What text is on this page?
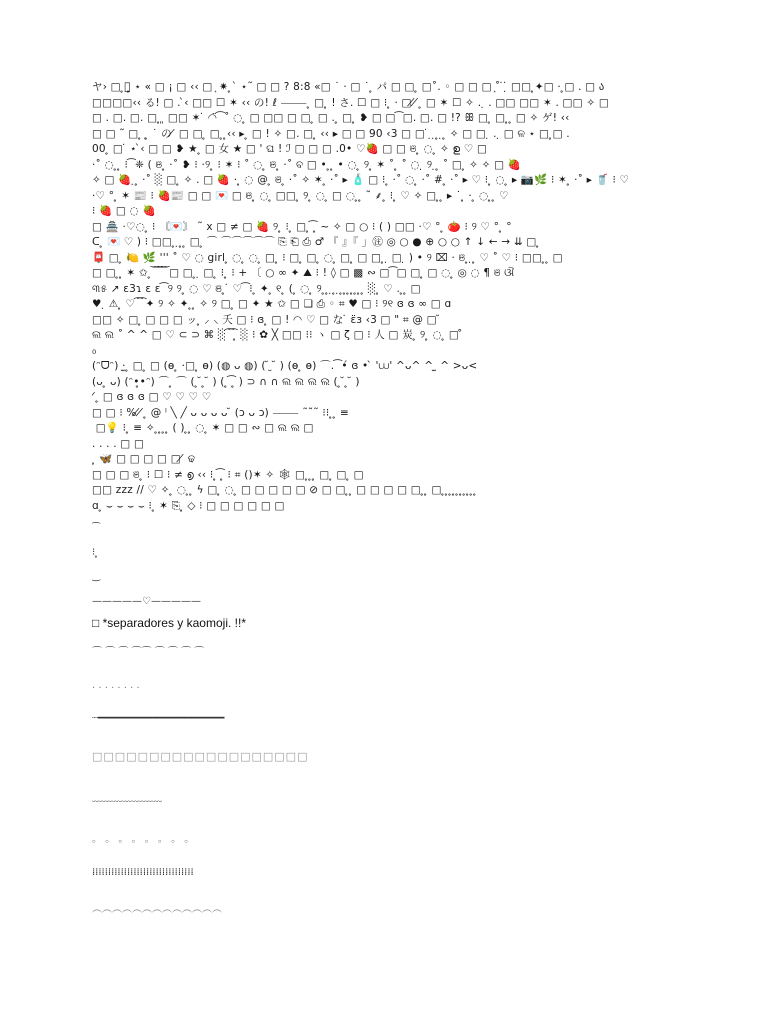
ヤ› □ ̥𖦹̥ ⋆ « □ ¡ □ ‹‹ □ ͙ ✷ ̥` ⋆˜ □ □ ? 8:8 «□ ˙ · □ ˙ ̥ パ □ □ ̥ □˚. ◦ □ □ □ ͙˚ ̇ ̣̇ □□ ̥✦□ · ̥□ . □ ა
□□□□‹‹ る! □ . ̀‹ □□ ☐ ✶ ‹‹ の! ℓ ⸻ ̥ □ ̥ ! さ. ☐ □ ⁝ ̥ · □ ̸ ̸ ̥ □ ✶ ☐ ✧ . ̣ . □□ □□ ✶ . □□ ✧ □
□ . □. □. □ ̥ ͈ □□ ✶ ̇ ◠̈ ͡ ˚ ◌ ̥ □ □□ □ □ ̥ □ . ̥ □ ̥ ❥ □ □ ͡ □. □. □ !? ꕥ □ ̥ □ ̥ ̥ □ ✧ ゲ! ‹‹
□ □ ˜ □ ̥ ͙ ̥ ˙ の ̸ □ □ ̥ □ ̥ ̥‹‹ ▸ ̥ □ ! ✧ □. □ ̥ ‹‹ ▸ □ □ 90 ‹3 □ □ ̇ ̣ ̣ ̥ ̣ ̥ ✧ □ □ ̣ . ̣ □ ଳ ⋆ □ ̥□ .
00 ̥ □ ̇ ⋆ ̀‹ □ □ ❥ ★ ̥ □ 女 ★ □ ' ଘ ! ℐ □ □ □ .0• ♡🍓 □ □ ଞ ̥ ◌ ̥ ✧ ഉ ♡ □
·˚ ◌ ̥ ̥ ⁝ ͡ ❈ ( ଞ ̥ ·˚ ❥ ⁝ ·୨ ̥ ⁝ ✶ ⁝ ˚ ◌ ̥ ଞ ̥ ·˚ ବ □ • ̥ ̥ • ◌ ̥ ୨ ̥ ✶ ˚ ̥ ˚ ◌ ̣ ୨ ̣ ̥ ˚ □ ̥ ✧ ✧ □ 🍓
✧ □ 🍓 ̣ ̥ ·˚ ░ □ ̥ ✧ . □ 🍓 · ̥ ◌ @ ̥ ଞ ̥ ·˚ ✧ ✶ ̥ ·˚ ▸ 🧴 □ ⁝ ̥ ·˚ ◌ ̥ ·˚ # ̥ ·˚ ▸ ♡ ⁝ ̥ ◌ ̥ ▸ 📷🌿 ⁝ ✶ ̥ ·˚ ▸ 🥤 ⁝ ♡
·♡ ° ̥ ✶ 📰 ⁝ 🍓📰 □ □ 💌 □ ଞ ̥ ◌ ̥ □□ ̥ ୨ ̥ ◌ ̥ □ ◌ ̥ ̥ ˜ ⸙ ̥ ⁝ ̥ ♡ ✧ □ ̥ ̥ ▸ ˙ ̥ · ̥ ◌ ̥ ̥ ♡
⁝ 🍓 □ ◌ 🍓
□ 🏯 ·♡◌ ̥ ⁝ 〘💌〙 ˜ x □ ≠ □ 🍓 ୨ ̥ ⁝ ̥ □ ̥ ͡ ̥ ~ ✧ □ ○ ⁝ ( ) □□ ·♡ ° ̥ 🍅 ⁝ ୨ ♡ ° ̥ °
ᑕ ̥ 💌 ♡ ) ⁝ □□ ̥ ̣ ̥ ̥ □ ̥ ⌒ ⌒⌒⌒⌒⌒ ⎘ ⎗ ⎙ ♂ 『 』『 」㊟ ◎ ○ ● ⊕ ○ ○ ↑ ↓ ← → ⇊ □ ̥
📮 □ ̥ 🍋 🌿 ''' ˚ ♡ ◌ girl ̥ ◌ ̥ ◌ ̥ □ ̥ ⁝ □ ̥ □ ̥ ◌ ̥ □ ̥ □ □ ̥ ̣ □ ̣ ) • ୨ ⌧ · ଞ ̥ ̣ ̥ ♡ ˚ ♡ ⁝ □□ ̥ ̥ □
□ □ ̥ ̥ ✶ ✩ ̥ ͝ ͝ ͝ ͝ □ □ ̥ ̣ □ ̥ ⁝ ̥ ⁝ + 〔 ○ ∞ ✦ ⛰ ⁝ ! ◊ □ ▩ ∾ □ ͡ □ □ ̥ □ ◌ ̥ ◎ ◌ ¶ ଞ ଔ
୩୫ ↗ ɛ3ɿ ɛ ɛ ͡ ୨ ୨ ̥ ◌ ♡ ଞ ̥ ̇ ♡ ͡ ⁝ ̥ ✦ ̥ ୧ ̥ ( ̥ ◌ ̥ ୨ ̥ ̥ ̣ ̥ ̣ ̥ ̥ ̥ ̥ ̥ ̥ ̥ ░ ̥ ♡ . ̥ ̥ □
♥ ̣ ⚠ ̥ ♡ ͡ ͡ ✦ ୨ ✧ ✦ ̥ ̥ ✧ ୨ □ ̥ □ ✦ ★ ✩ □ ❏ ⎙ ◦ ⌗ ♥ □ ⁝ ୨୧ ɞ ɞ ∞ □ ɑ
□□ ✧ □ ̥ □ □ □ ッ ̥ ⸝ ⸜ 夭 □ ⁝ ɞ ̥ □ ! ◠ ♡ □ な ̇ ɛ̈ɜ ‹3 □ " ⌗ @ □ ̆
ଲ ଲ ˚ ^ ^ □ ♡ ⊂ ⊃ ⌘ ░ ͡ ͡ ̥ ░ ⁝ ✿ ╳ □□ ⁝⁝ ヽ □ ζ □ ⁝ 人 □ 炭 ̥ ୨ ̥ ◌ ̥ □ ̊
₀
(ᵔᗜᵔ) ·̫ ̥ □ ̥ □ (ɵ ̥ ·□ ̥ ɵ) (◍ ᴗ ◍) ( ̆ ̮ ̆ ) (ɵ ̥ ɵ) ⌒. ͡ •́ ɞ • ̀ '⩊' ^ᴗ^ ^ ̫ ^ >ᴗ<
(ᴗ ̥ ᴗ) (ᵔ•̥•ᵔ) ⌒ ̥ ⌒ ( ̥ ̆ ̥ ̆ ) ( ̥ ͡ ̥ ) ⊃ ∩ ∩ ଲ ଲ ଲ ଲ ( ̥ ̆ ̥ ̆ )
̸ ̸ ̥ □ ɞ ɞ ɞ □ ♡ ♡ ♡ ♡
□ □ ⁝ % ̸ ̸ ̥ @ ˡ ╲ ╱ ᴗ ᴗ ᴗ ᴗ ̆ (ɔ ᴗ ɔ) ⸻ ˜˜˜ ⁝⁝ ̥ ̥ ≡
̥ □💡 ⁝ ̥ ≡ ✧ ̥ ̥ ̥ ̥ ( ) ̥ ̥ ◌ ̥ ✶ □ □ ∾ □ ଲ ଲ □
. . . . □ □
̀ ̥ 🦋 □ □ □ □ □ ̸ ଢ
□ □ □ ଞ ̥ ⁝ ☐ ⁝ ≠ ൭ ‹‹ ⁝ ̥ ͡ ̥ ⁝ ⌗ ()✶ ✧ 🕸 □ ̥ ̥ ̥ □ ̥ □ ̥ □
□□ zzz // ♡ ✧ ̥ ◌ ̥ ̥ ϟ □ ̥ ◌ ̥ □ □ □ □ □ ⊘ □ □ ̥ ̥ □ □ □ □ □ ̥ ̥ □ ̥ ̥ ̥ ̥ ̥ ̥ ̥ ̥ ̥ ̥
ɑ ̥ ⌣ ⌣ ⌣ ⌣ ⁝ ̥ ✶ ⎘ ̥ ◇ ⁝ □ □ □ □ □ □
⁀
⁝ ̥
‿
—————♡—————
□ *separadores y kaomoji. !!*
⌒ ⌒ ⌒ ⌒⌒ ⌒ ⌒ ⌒ ⌒
. . . . . . . .
┈━━━━━━━━━━━━━━━━━━━━━
□□□□□□□□□□□□□□□□□□□
﹏﹏﹏﹏﹏﹏﹏
。 。 。 。 。 。 。 。
⁞⁞⁞⁞⁞⁞⁞⁞⁞⁞⁞⁞⁞⁞⁞⁞⁞⁞⁞⁞⁞⁞⁞⁞⁞⁞⁞⁞⁞⁞⁞⁞
︵︵︵︵︵︵︵︵︵︵︵︵︵
